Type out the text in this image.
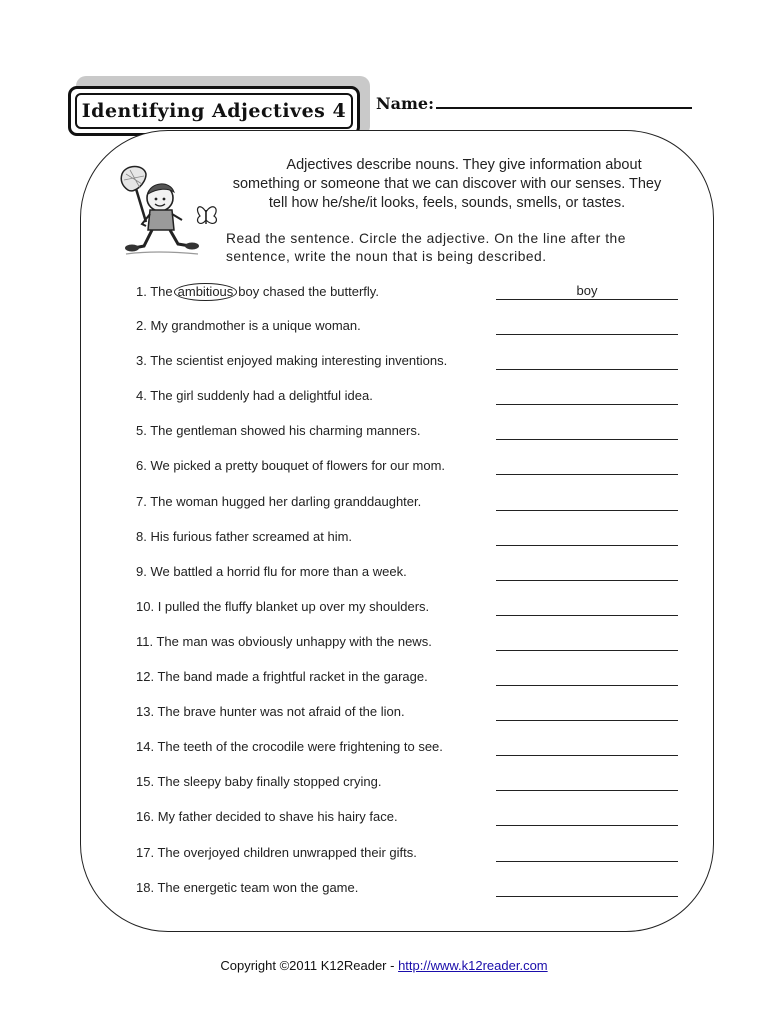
Identifying Adjectives 4 Name:
Adjectives describe nouns. They give information about something or someone that we can discover with our senses. They tell how he/she/it looks, feels, sounds, smells, or tastes.
Read the sentence. Circle the adjective. On the line after the sentence, write the noun that is being described.
1. The ambitious boy chased the butterfly.	boy
2. My grandmother is a unique woman.
3. The scientist enjoyed making interesting inventions.
4. The girl suddenly had a delightful idea.
5. The gentleman showed his charming manners.
6. We picked a pretty bouquet of flowers for our mom.
7. The woman hugged her darling granddaughter.
8. His furious father screamed at him.
9. We battled a horrid flu for more than a week.
10. I pulled the fluffy blanket up over my shoulders.
11. The man was obviously unhappy with the news.
12. The band made a frightful racket in the garage.
13. The brave hunter was not afraid of the lion.
14. The teeth of the crocodile were frightening to see.
15. The sleepy baby finally stopped crying.
16. My father decided to shave his hairy face.
17. The overjoyed children unwrapped their gifts.
18. The energetic team won the game.
Copyright ©2011 K12Reader - http://www.k12reader.com
